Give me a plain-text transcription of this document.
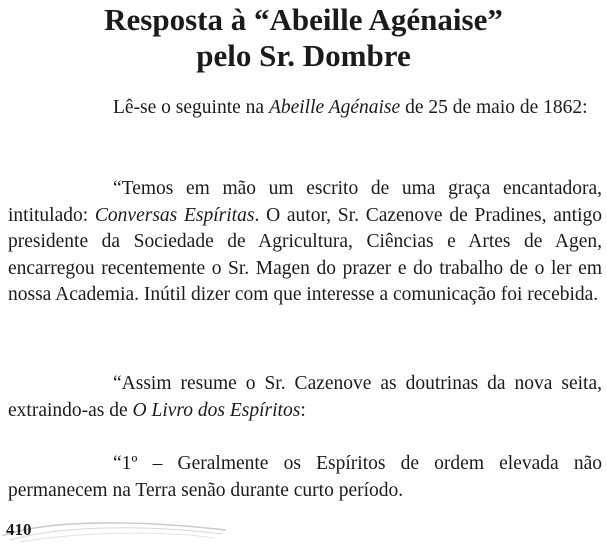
Resposta à “Abeille Agénaise”
pelo Sr. Dombre

Lê-se o seguinte na Abeille Agénaise de 25 de maio de 1862:

“Temos em mão um escrito de uma graça encantadora, intitulado: Conversas Espíritas. O autor, Sr. Cazenove de Pradines, antigo presidente da Sociedade de Agricultura, Ciências e Artes de Agen, encarregou recentemente o Sr. Magen do prazer e do trabalho de o ler em nossa Academia. Inútil dizer com que interesse a comunicação foi recebida.

“Assim resume o Sr. Cazenove as doutrinas da nova seita, extraindo-as de O Livro dos Espíritos:

“1º – Geralmente os Espíritos de ordem elevada não permanecem na Terra senão durante curto período.

410
